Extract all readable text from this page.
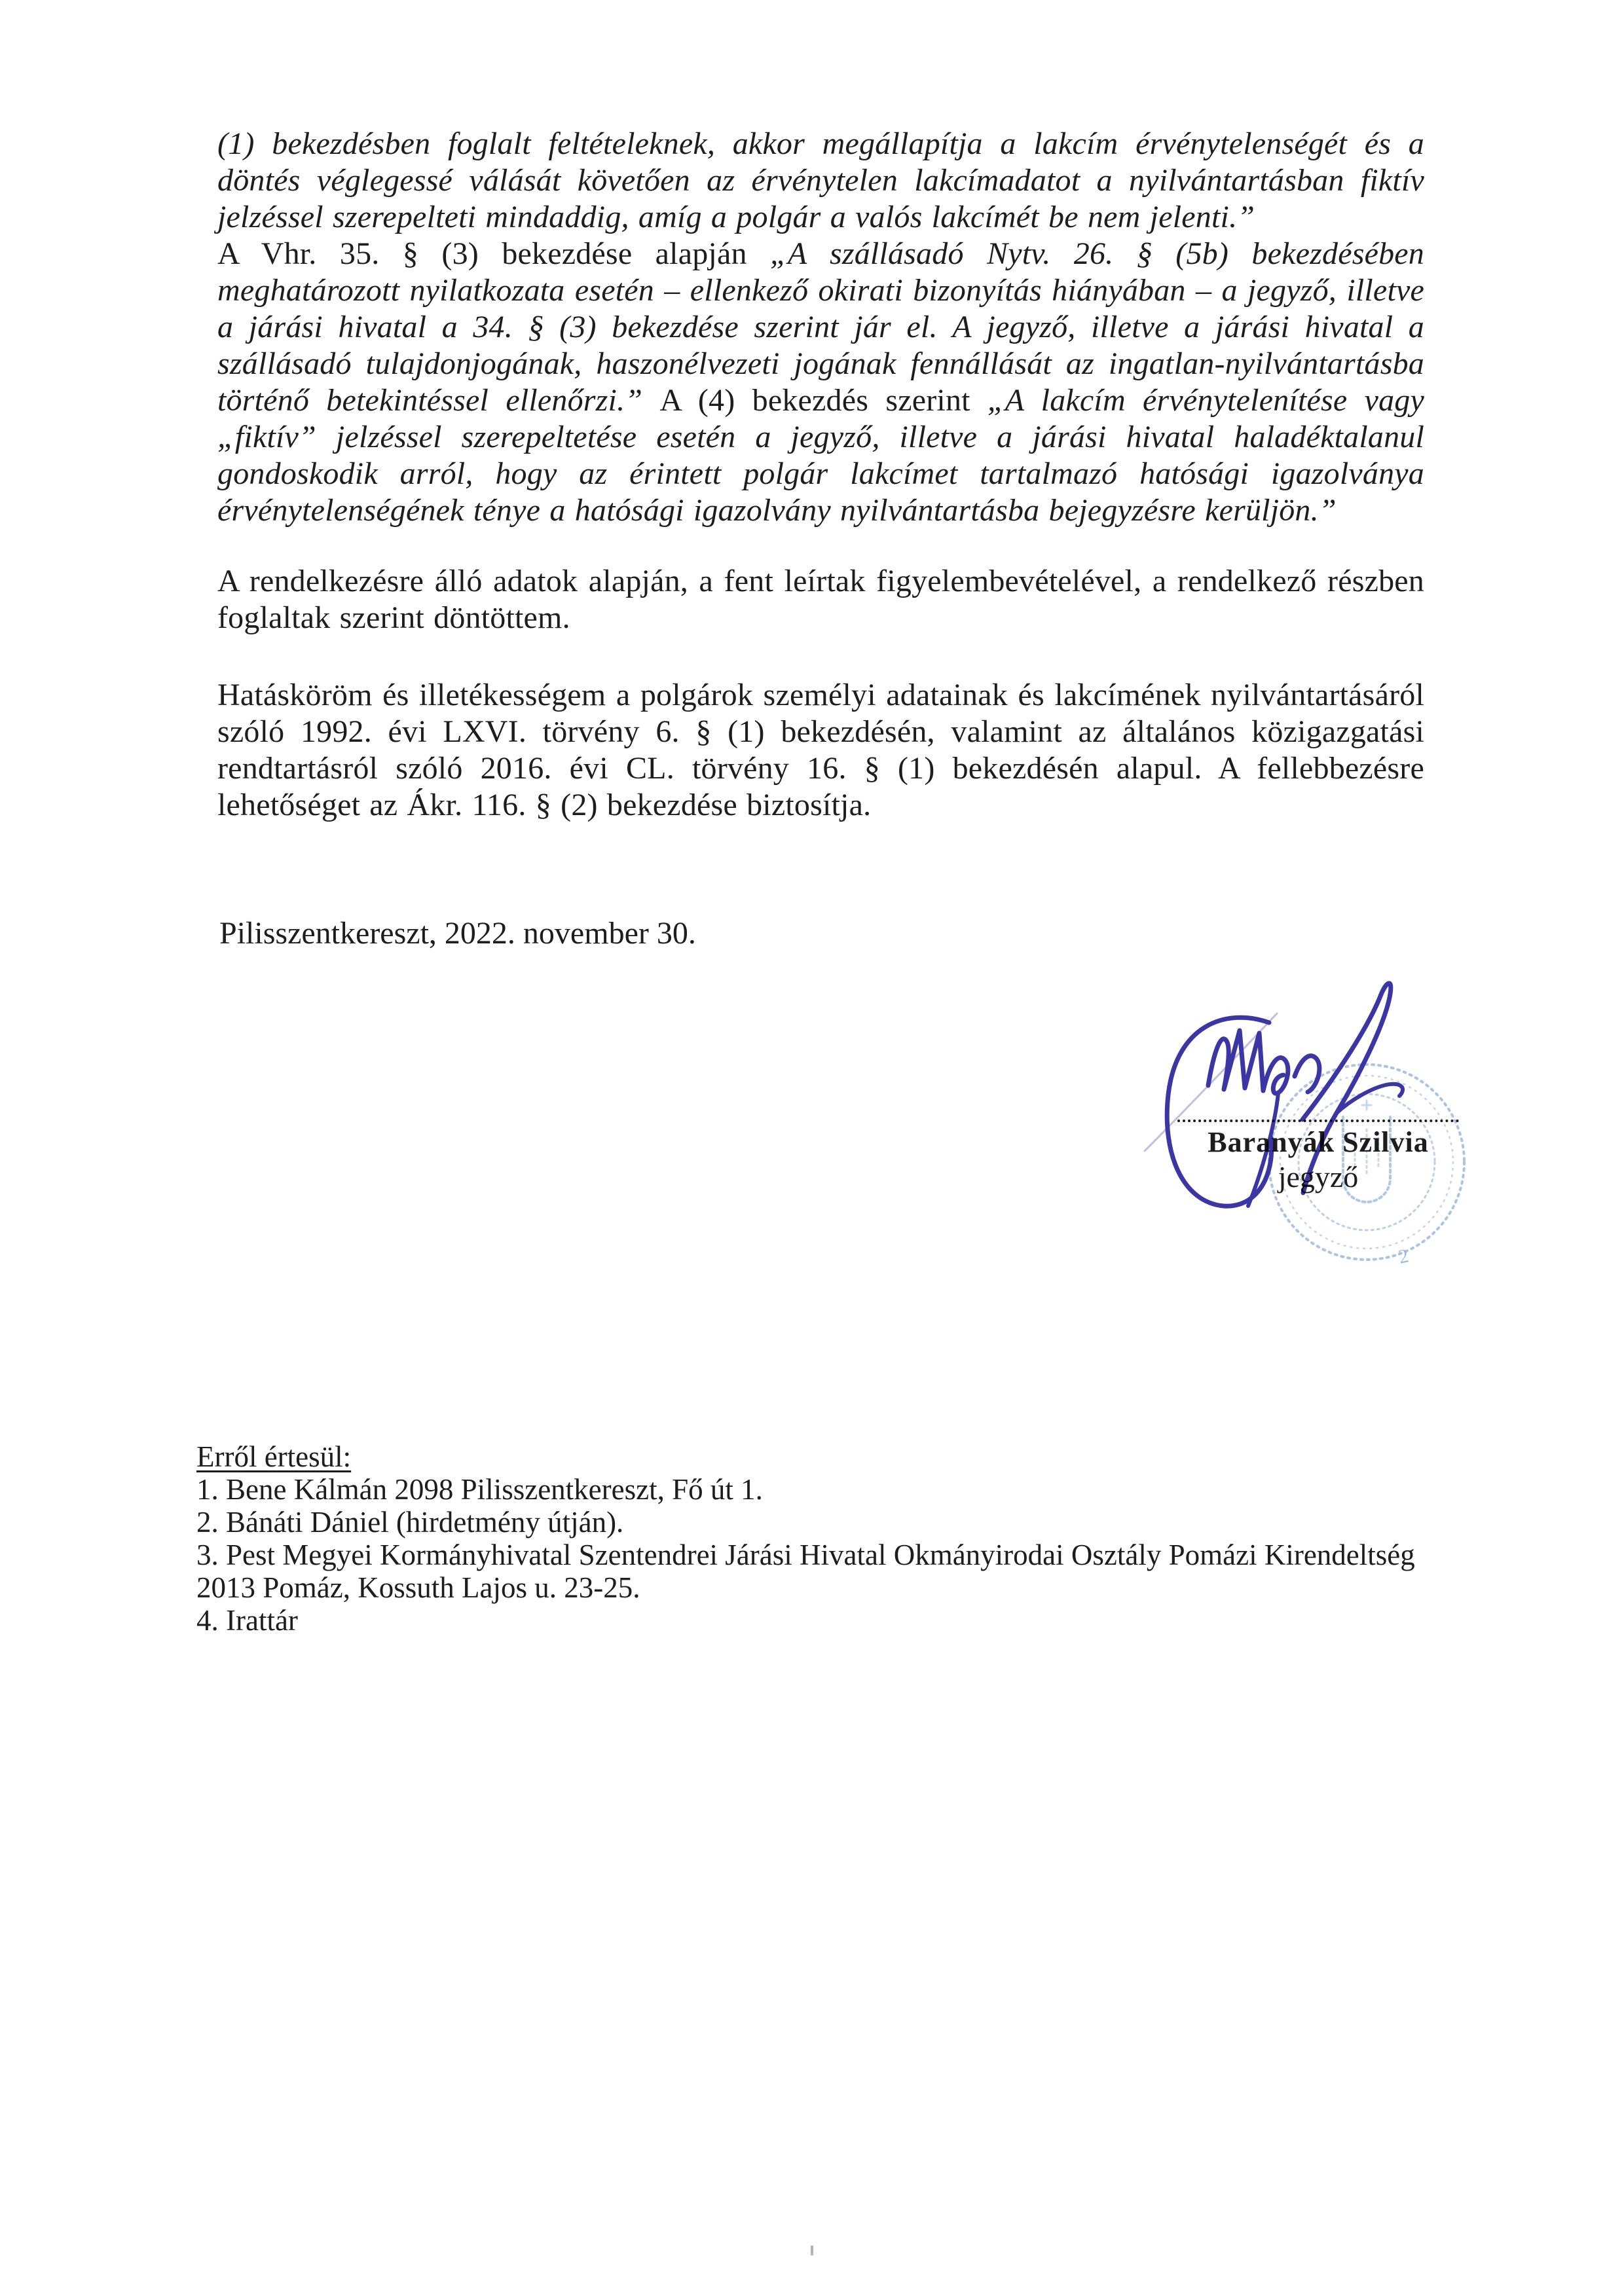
(1) bekezdésben foglalt feltételeknek, akkor megállapítja a lakcím érvénytelenségét és a döntés véglegessé válását követően az érvénytelen lakcímadatot a nyilvántartásban fiktív jelzéssel szerepelteti mindaddig, amíg a polgár a valós lakcímét be nem jelenti.”

A Vhr. 35. § (3) bekezdése alapján „A szállásadó Nytv. 26. § (5b) bekezdésében meghatározott nyilatkozata esetén – ellenkező okirati bizonyítás hiányában – a jegyző, illetve a járási hivatal a 34. § (3) bekezdése szerint jár el. A jegyző, illetve a járási hivatal a szállásadó tulajdonjogának, haszonélvezeti jogának fennállását az ingatlan-nyilvántartásba történő betekintéssel ellenőrzi.” A (4) bekezdés szerint „A lakcím érvénytelenítése vagy „fiktív” jelzéssel szerepeltetése esetén a jegyző, illetve a járási hivatal haladéktalanul gondoskodik arról, hogy az érintett polgár lakcímet tartalmazó hatósági igazolványa érvénytelenségének ténye a hatósági igazolvány nyilvántartásba bejegyzésre kerüljön.”

A rendelkezésre álló adatok alapján, a fent leírtak figyelembevételével, a rendelkező részben foglaltak szerint döntöttem.

Hatásköröm és illetékességem a polgárok személyi adatainak és lakcímének nyilvántartásáról szóló 1992. évi LXVI. törvény 6. § (1) bekezdésén, valamint az általános közigazgatási rendtartásról szóló 2016. évi CL. törvény 16. § (1) bekezdésén alapul. A fellebbezésre lehetőséget az Ákr. 116. § (2) bekezdése biztosítja.

Pilisszentkereszt, 2022. november 30.
Baranyák Szilvia
jegyző
2
Erről értesül:
1. Bene Kálmán 2098 Pilisszentkereszt, Fő út 1.
2. Bánáti Dániel (hirdetmény útján).
3. Pest Megyei Kormányhivatal Szentendrei Járási Hivatal Okmányirodai Osztály Pomázi Kirendeltség
2013 Pomáz, Kossuth Lajos u. 23-25.
4. Irattár
